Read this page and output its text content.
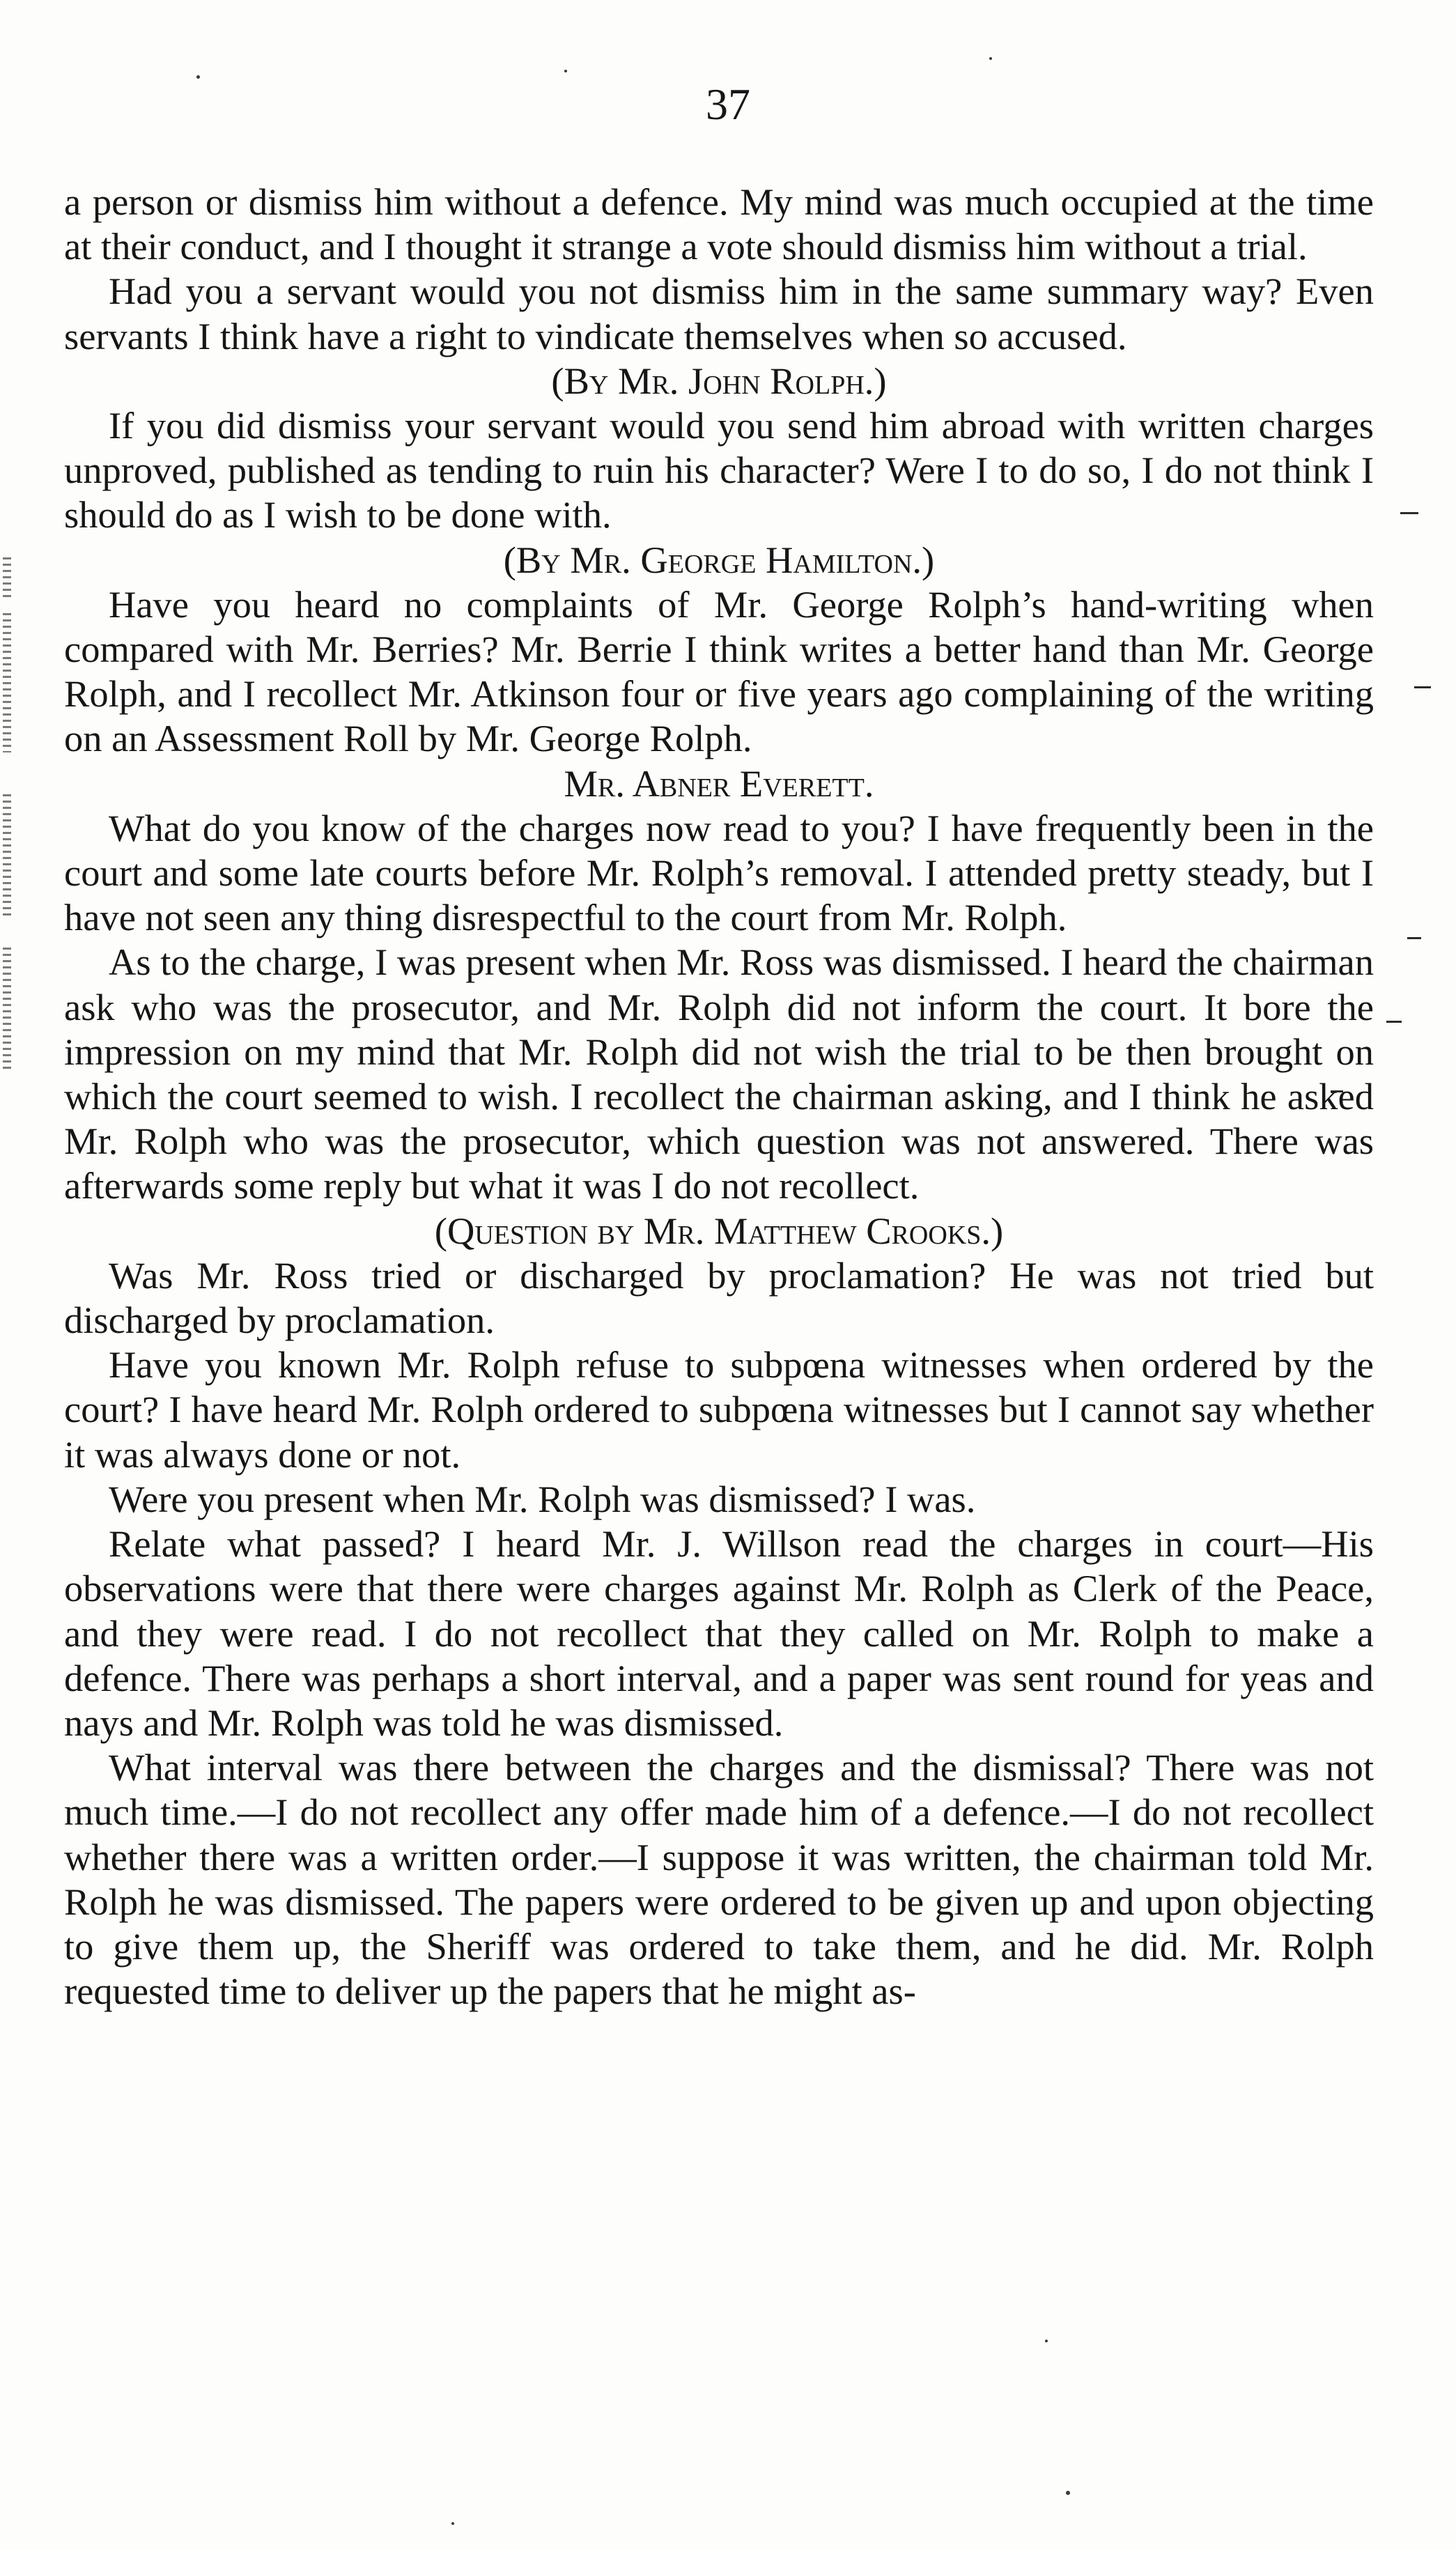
37

a person or dismiss him without a defence. My mind was much occupied at the time at their conduct, and I thought it strange a vote should dismiss him without a trial.

Had you a servant would you not dismiss him in the same summary way? Even servants I think have a right to vindicate themselves when so accused.

(By Mr. John Rolph.)

If you did dismiss your servant would you send him abroad with written charges unproved, published as tending to ruin his character? Were I to do so, I do not think I should do as I wish to be done with.

(By Mr. George Hamilton.)

Have you heard no complaints of Mr. George Rolph’s hand-writing when compared with Mr. Berries? Mr. Berrie I think writes a better hand than Mr. George Rolph, and I recollect Mr. Atkinson four or five years ago complaining of the writing on an Assessment Roll by Mr. George Rolph.

Mr. Abner Everett.

What do you know of the charges now read to you? I have frequently been in the court and some late courts before Mr. Rolph’s removal. I attended pretty steady, but I have not seen any thing disrespectful to the court from Mr. Rolph.

As to the charge, I was present when Mr. Ross was dismissed. I heard the chairman ask who was the prosecutor, and Mr. Rolph did not inform the court. It bore the impression on my mind that Mr. Rolph did not wish the trial to be then brought on which the court seemed to wish. I recollect the chairman asking, and I think he asked Mr. Rolph who was the prosecutor, which question was not answered. There was afterwards some reply but what it was I do not recollect.

(Question by Mr. Matthew Crooks.)

Was Mr. Ross tried or discharged by proclamation? He was not tried but discharged by proclamation.

Have you known Mr. Rolph refuse to subpœna witnesses when ordered by the court? I have heard Mr. Rolph ordered to subpœna witnesses but I cannot say whether it was always done or not.

Were you present when Mr. Rolph was dismissed? I was.

Relate what passed? I heard Mr. J. Willson read the charges in court—His observations were that there were charges against Mr. Rolph as Clerk of the Peace, and they were read. I do not recollect that they called on Mr. Rolph to make a defence. There was perhaps a short interval, and a paper was sent round for yeas and nays and Mr. Rolph was told he was dismissed.

What interval was there between the charges and the dismissal? There was not much time.—I do not recollect any offer made him of a defence.—I do not recollect whether there was a written order.—I suppose it was written, the chairman told Mr. Rolph he was dismissed. The papers were ordered to be given up and upon objecting to give them up, the Sheriff was ordered to take them, and he did. Mr. Rolph requested time to deliver up the papers that he might as-
